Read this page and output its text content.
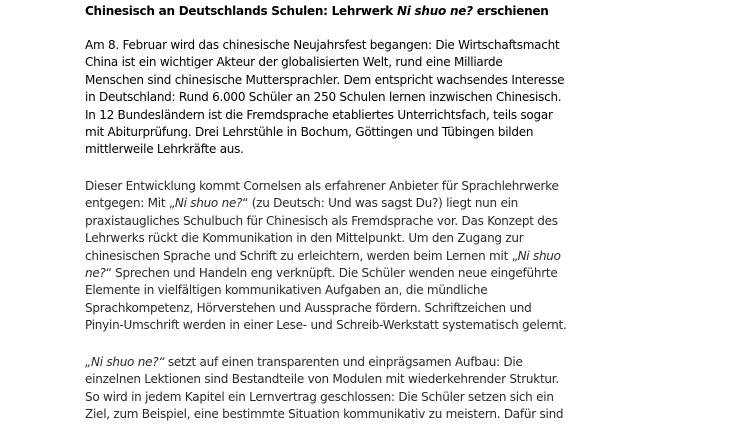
Chinesisch an Deutschlands Schulen: Lehrwerk Ni shuo ne? erschienen

Am 8. Februar wird das chinesische Neujahrsfest begangen: Die Wirtschaftsmacht
China ist ein wichtiger Akteur der globalisierten Welt, rund eine Milliarde
Menschen sind chinesische Muttersprachler. Dem entspricht wachsendes Interesse
in Deutschland: Rund 6.000 Schüler an 250 Schulen lernen inzwischen Chinesisch.
In 12 Bundesländern ist die Fremdsprache etabliertes Unterrichtsfach, teils sogar
mit Abiturprüfung. Drei Lehrstühle in Bochum, Göttingen und Tübingen bilden
mittlerweile Lehrkräfte aus.

Dieser Entwicklung kommt Cornelsen als erfahrener Anbieter für Sprachlehrwerke
entgegen: Mit „Ni shuo ne?“ (zu Deutsch: Und was sagst Du?) liegt nun ein
praxistaugliches Schulbuch für Chinesisch als Fremdsprache vor. Das Konzept des
Lehrwerks rückt die Kommunikation in den Mittelpunkt. Um den Zugang zur
chinesischen Sprache und Schrift zu erleichtern, werden beim Lernen mit „Ni shuo
ne?“ Sprechen und Handeln eng verknüpft. Die Schüler wenden neue eingeführte
Elemente in vielfältigen kommunikativen Aufgaben an, die mündliche
Sprachkompetenz, Hörverstehen und Aussprache fördern. Schriftzeichen und
Pinyin-Umschrift werden in einer Lese- und Schreib-Werkstatt systematisch gelernt.

„Ni shuo ne?“ setzt auf einen transparenten und einprägsamen Aufbau: Die
einzelnen Lektionen sind Bestandteile von Modulen mit wiederkehrender Struktur.
So wird in jedem Kapitel ein Lernvertrag geschlossen: Die Schüler setzen sich ein
Ziel, zum Beispiel, eine bestimmte Situation kommunikativ zu meistern. Dafür sind
